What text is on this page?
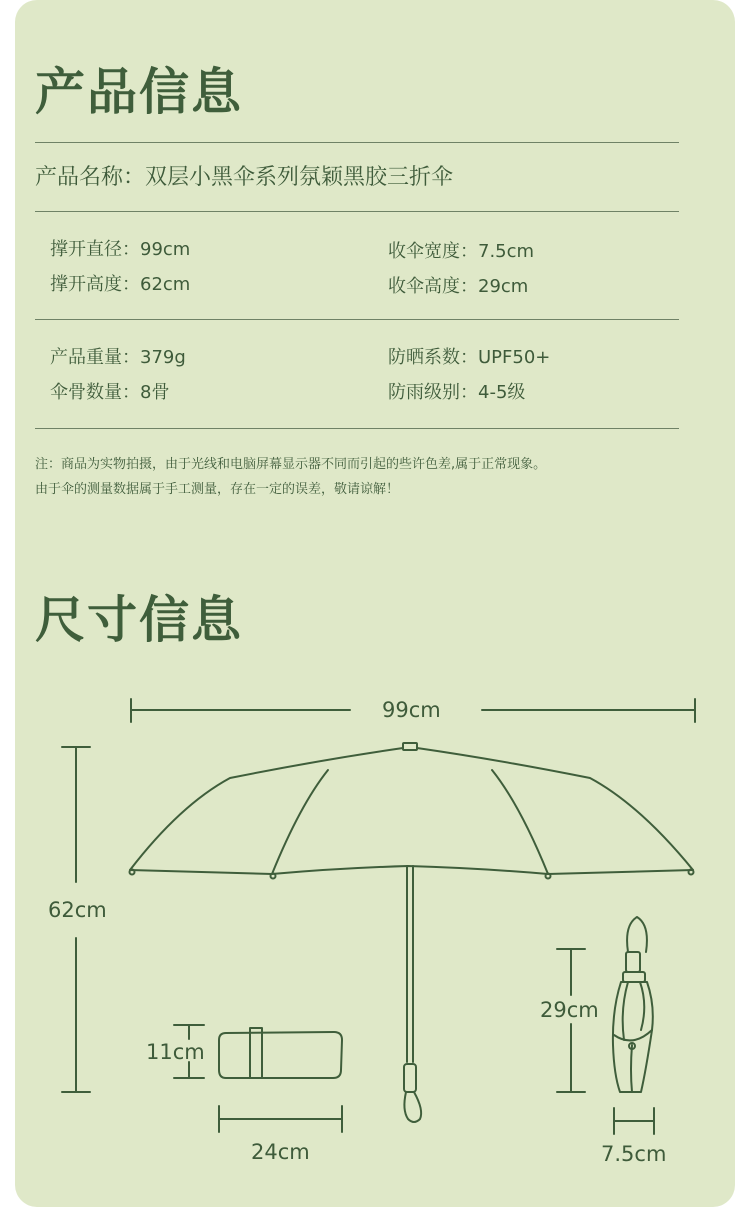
产品信息
产品名称：双层小黑伞系列氛颖黑胶三折伞
撑开直径：99cm	收伞宽度：7.5cm
撑开高度：62cm	收伞高度：29cm
产品重量：379g	防晒系数：UPF50+
伞骨数量：8骨	防雨级别：4-5级
注：商品为实物拍摄，由于光线和电脑屏幕显示器不同而引起的些许色差,属于正常现象。
由于伞的测量数据属于手工测量，存在一定的误差，敬请谅解！
尺寸信息
99cm
62cm
11cm
24cm
29cm
7.5cm
